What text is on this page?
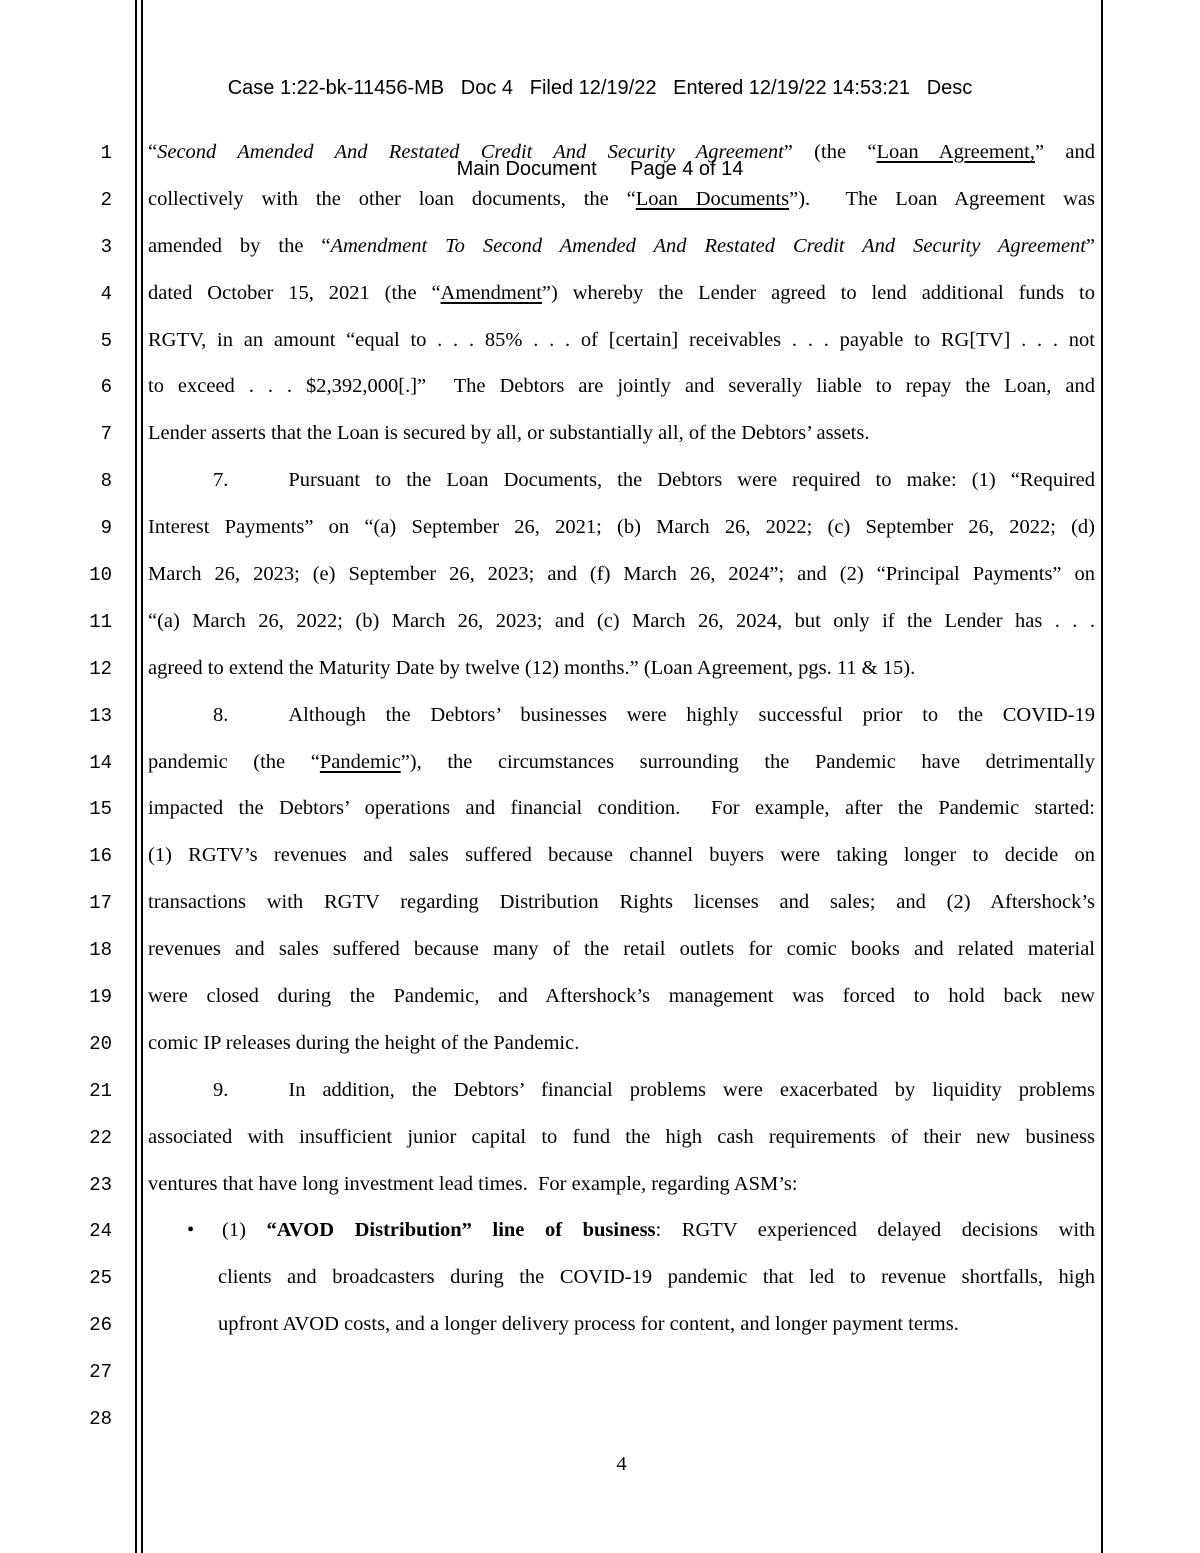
Case 1:22-bk-11456-MB   Doc 4   Filed 12/19/22   Entered 12/19/22 14:53:21   Desc

Main Document      Page 4 of 14

1 “Second Amended And Restated Credit And Security Agreement” (the “Loan Agreement,” and
2 collectively with the other loan documents, the “Loan Documents”).  The Loan Agreement was
3 amended by the “Amendment To Second Amended And Restated Credit And Security Agreement”
4 dated October 15, 2021 (the “Amendment”) whereby the Lender agreed to lend additional funds to
5 RGTV, in an amount “equal to . . . 85% . . . of [certain] receivables . . . payable to RG[TV] . . . not
6 to exceed . . . $2,392,000[.]”  The Debtors are jointly and severally liable to repay the Loan, and
7 Lender asserts that the Loan is secured by all, or substantially all, of the Debtors’ assets.
8	7.	Pursuant to the Loan Documents, the Debtors were required to make: (1) “Required
9 Interest Payments” on “(a) September 26, 2021; (b) March 26, 2022; (c) September 26, 2022; (d)
10 March 26, 2023; (e) September 26, 2023; and (f) March 26, 2024”; and (2) “Principal Payments” on
11 “(a) March 26, 2022; (b) March 26, 2023; and (c) March 26, 2024, but only if the Lender has . . .
12 agreed to extend the Maturity Date by twelve (12) months.” (Loan Agreement, pgs. 11 & 15).
13	8.	Although the Debtors’ businesses were highly successful prior to the COVID-19
14 pandemic (the “Pandemic”), the circumstances surrounding the Pandemic have detrimentally
15 impacted the Debtors’ operations and financial condition.  For example, after the Pandemic started:
16 (1) RGTV’s revenues and sales suffered because channel buyers were taking longer to decide on
17 transactions with RGTV regarding Distribution Rights licenses and sales; and (2) Aftershock’s
18 revenues and sales suffered because many of the retail outlets for comic books and related material
19 were closed during the Pandemic, and Aftershock’s management was forced to hold back new
20 comic IP releases during the height of the Pandemic.
21	9.	In addition, the Debtors’ financial problems were exacerbated by liquidity problems
22 associated with insufficient junior capital to fund the high cash requirements of their new business
23 ventures that have long investment lead times.  For example, regarding ASM’s:
24	• (1) “AVOD Distribution” line of business: RGTV experienced delayed decisions with
25	clients and broadcasters during the COVID-19 pandemic that led to revenue shortfalls, high
26	upfront AVOD costs, and a longer delivery process for content, and longer payment terms.
27
28
4
